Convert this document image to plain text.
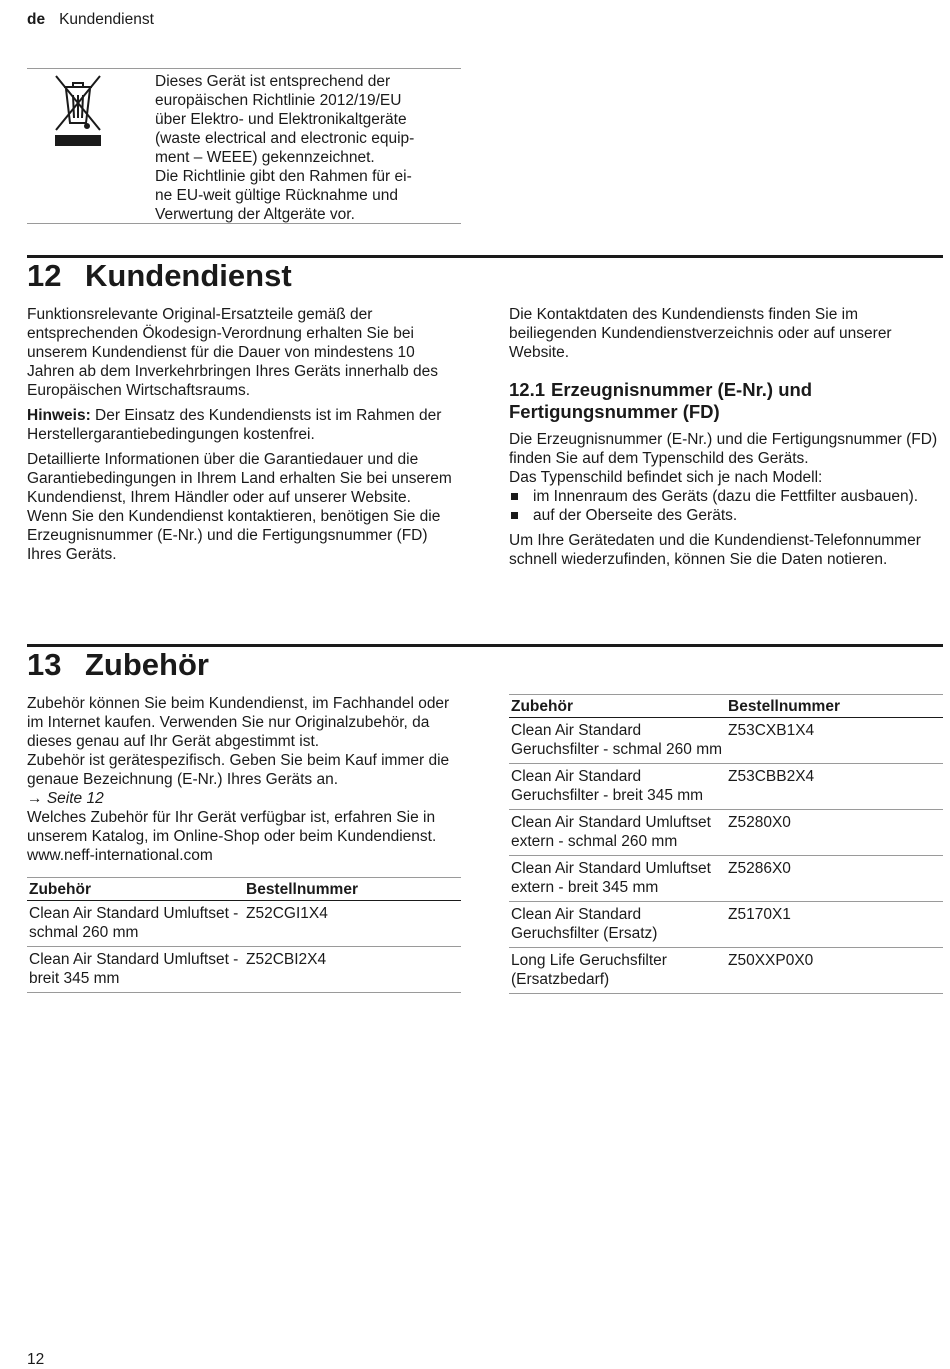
de Kundendienst
Dieses Gerät ist entsprechend der
europäischen Richtlinie 2012/19/EU
über Elektro- und Elektronikaltgeräte
(waste electrical and electronic equip-
ment – WEEE) gekennzeichnet.
Die Richtlinie gibt den Rahmen für ei-
ne EU-weit gültige Rücknahme und
Verwertung der Altgeräte vor.
12 Kundendienst

Funktionsrelevante Original-Ersatzteile gemäß der entsprechenden Ökodesign-Verordnung erhalten Sie bei unserem Kundendienst für die Dauer von mindestens 10 Jahren ab dem Inverkehrbringen Ihres Geräts innerhalb des Europäischen Wirtschaftsraums.

Hinweis: Der Einsatz des Kundendiensts ist im Rahmen der Herstellergarantiebedingungen kostenfrei.

Detaillierte Informationen über die Garantiedauer und die Garantiebedingungen in Ihrem Land erhalten Sie bei unserem Kundendienst, Ihrem Händler oder auf unserer Website.

Wenn Sie den Kundendienst kontaktieren, benötigen Sie die Erzeugnisnummer (E-Nr.) und die Fertigungsnummer (FD) Ihres Geräts.

Die Kontaktdaten des Kundendiensts finden Sie im beiliegenden Kundendienstverzeichnis oder auf unserer Website.

12.1 Erzeugnisnummer (E-Nr.) und Fertigungsnummer (FD)

Die Erzeugnisnummer (E-Nr.) und die Fertigungsnummer (FD) finden Sie auf dem Typenschild des Geräts.

Das Typenschild befindet sich je nach Modell:

im Innenraum des Geräts (dazu die Fettfilter ausbauen).
auf der Oberseite des Geräts.

Um Ihre Gerätedaten und die Kundendienst-Telefonnummer schnell wiederzufinden, können Sie die Daten notieren.

13 Zubehör

Zubehör können Sie beim Kundendienst, im Fachhandel oder im Internet kaufen. Verwenden Sie nur Originalzubehör, da dieses genau auf Ihr Gerät abgestimmt ist.

Zubehör ist gerätespezifisch. Geben Sie beim Kauf immer die genaue Bezeichnung (E-Nr.) Ihres Geräts an.

→ Seite 12

Welches Zubehör für Ihr Gerät verfügbar ist, erfahren Sie in unserem Katalog, im Online-Shop oder beim Kundendienst.

www.neff-international.com

Zubehör	Bestellnummer
Clean Air Standard Umluftset - schmal 260 mm	Z52CGI1X4
Clean Air Standard Umluftset - breit 345 mm	Z52CBI2X4
Zubehör	Bestellnummer
Clean Air Standard Geruchsfilter - schmal 260 mm	Z53CXB1X4
Clean Air Standard Geruchsfilter - breit 345 mm	Z53CBB2X4
Clean Air Standard Umluftset extern - schmal 260 mm	Z5280X0
Clean Air Standard Umluftset extern - breit 345 mm	Z5286X0
Clean Air Standard Geruchsfilter (Ersatz)	Z5170X1
Long Life Geruchsfilter (Ersatzbedarf)	Z50XXP0X0
12
